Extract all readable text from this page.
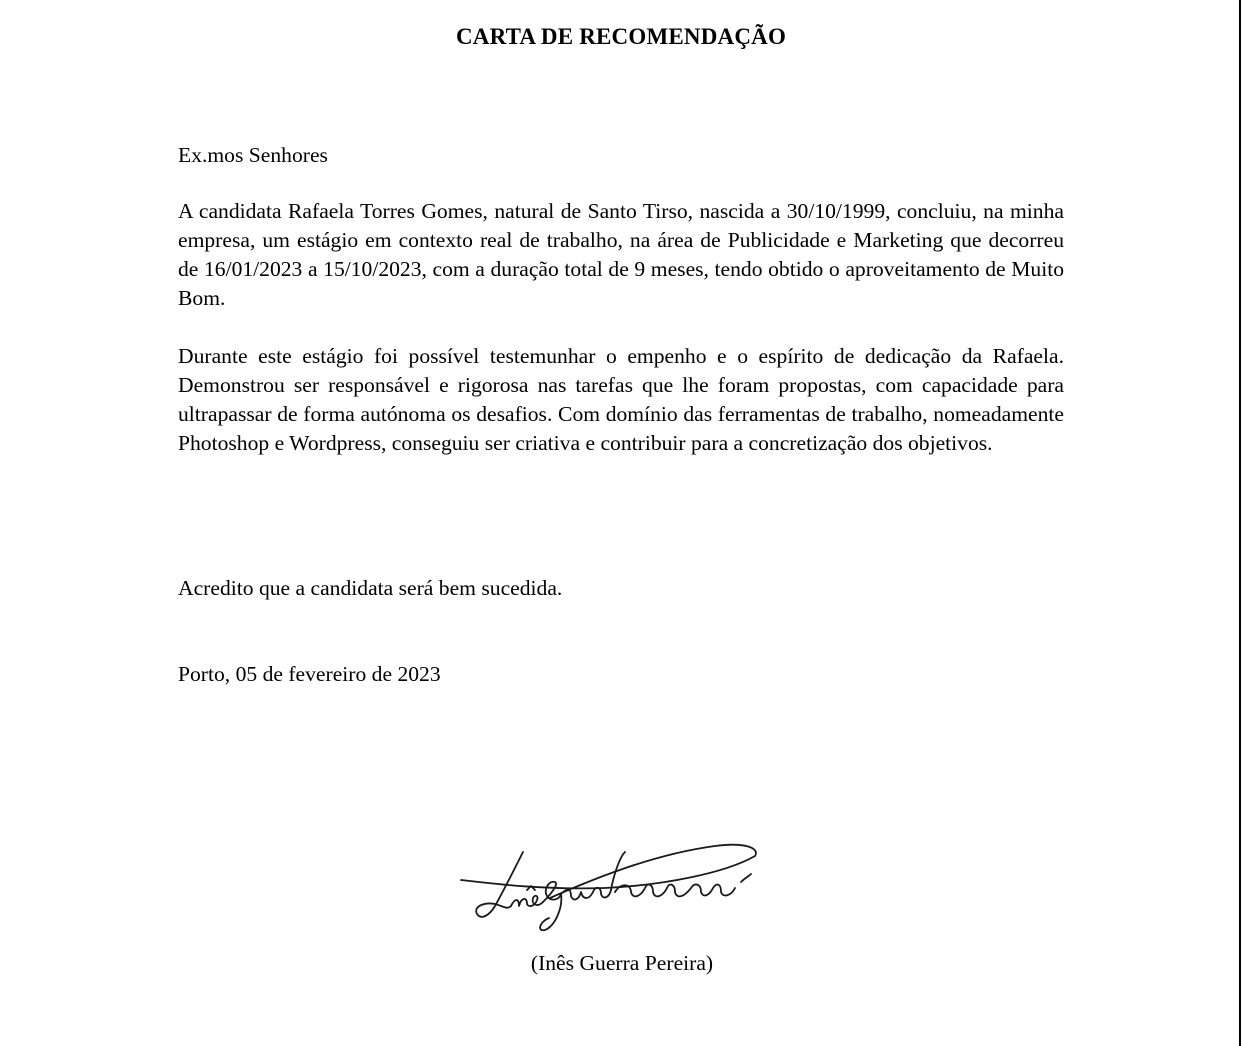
CARTA DE RECOMENDAÇÃO
Ex.mos Senhores

A candidata Rafaela Torres Gomes, natural de Santo Tirso, nascida a 30/10/1999, concluiu, na minha empresa, um estágio em contexto real de trabalho, na área de Publicidade e Marketing que decorreu de 16/01/2023 a 15/10/2023, com a duração total de 9 meses, tendo obtido o aproveitamento de Muito Bom.

Durante este estágio foi possível testemunhar o empenho e o espírito de dedicação da Rafaela. Demonstrou ser responsável e rigorosa nas tarefas que lhe foram propostas, com capacidade para ultrapassar de forma autónoma os desafios. Com domínio das ferramentas de trabalho, nomeadamente Photoshop e Wordpress, conseguiu ser criativa e contribuir para a concretização dos objetivos.

Acredito que a candidata será bem sucedida.
Porto, 05 de fevereiro de 2023
(Inês Guerra Pereira)
